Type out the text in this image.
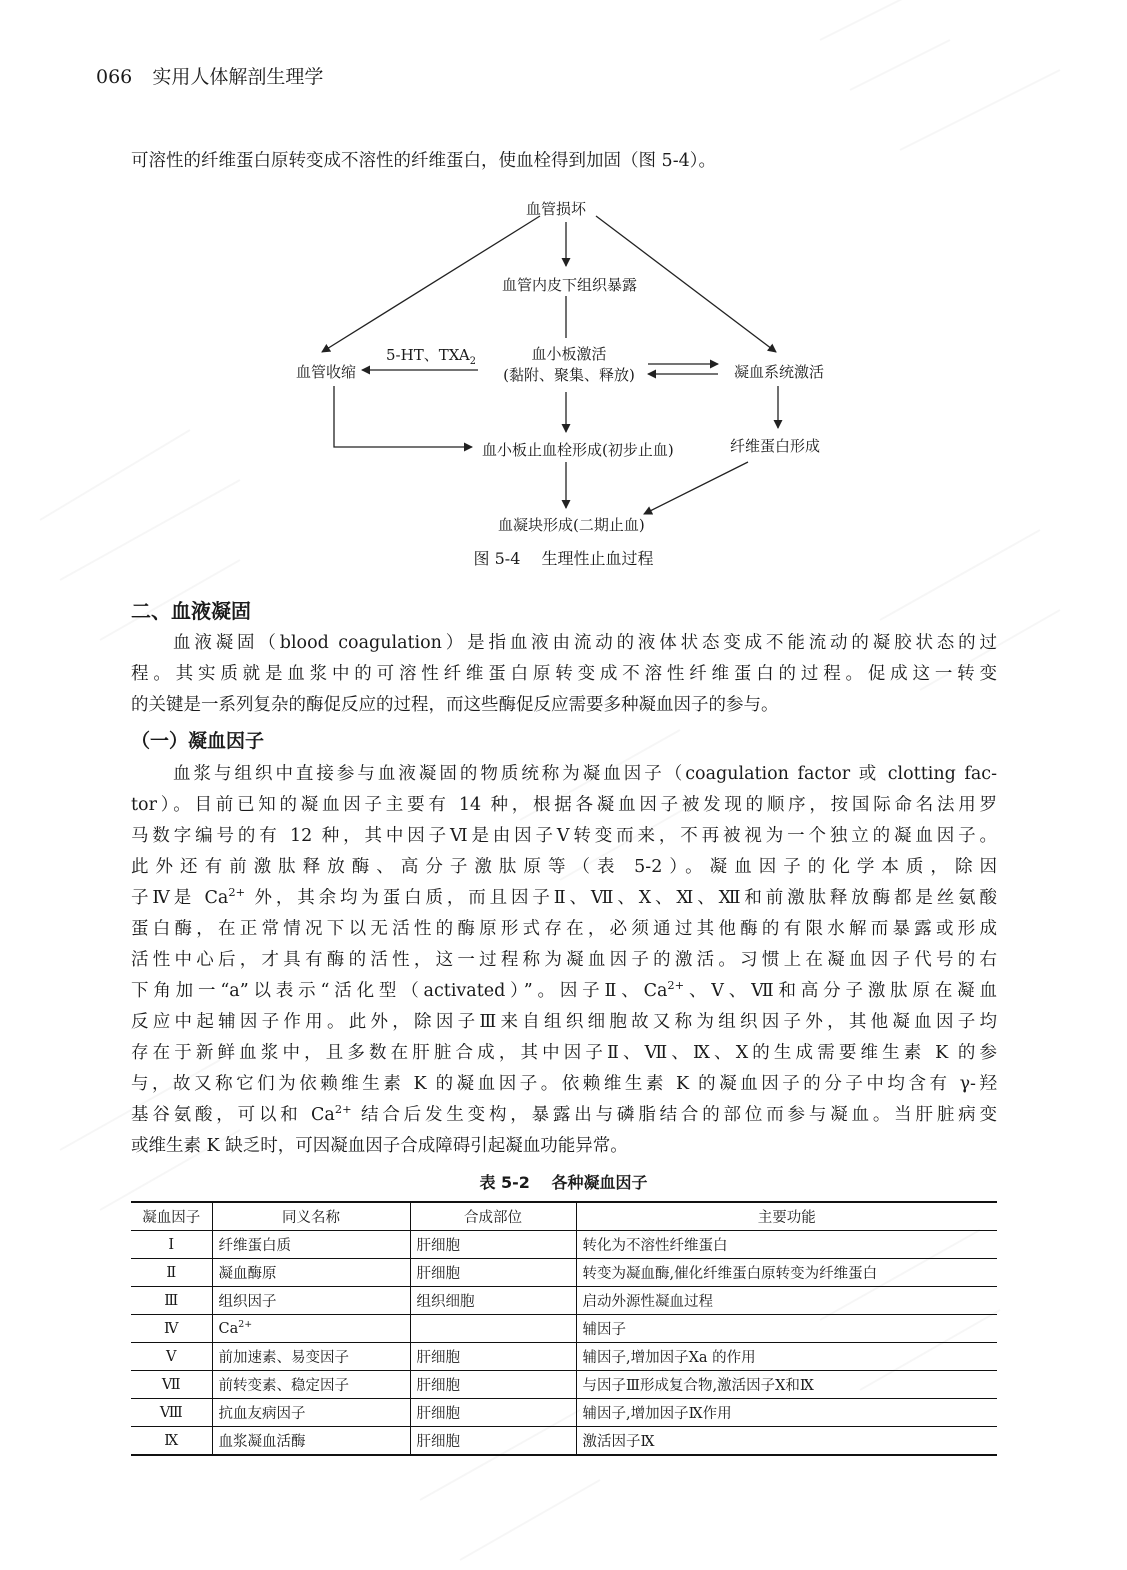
066 实用人体解剖生理学
可溶性的纤维蛋白原转变成不溶性的纤维蛋白，使血栓得到加固（图 5-4）。
血管损坏
血管内皮下组织暴露
血管收缩
5-HT、$TXA_2$	血小板激活
(黏附、聚集、释放)	凝血系统激活
纤维蛋白形成
血小板止血栓形成(初步止血)
血凝块形成(二期止血)
图 5-4 生理性止血过程
二、血液凝固
血液凝固（blood coagulation）是指血液由流动的液体状态变成不能流动的凝胶状态的过
程。其实质就是血浆中的可溶性纤维蛋白原转变成不溶性纤维蛋白的过程。促成这一转变
的关键是一系列复杂的酶促反应的过程，而这些酶促反应需要多种凝血因子的参与。
（一）凝血因子
血浆与组织中直接参与血液凝固的物质统称为凝血因子（coagulation factor 或 clotting fac-
tor）。目前已知的凝血因子主要有 14 种，根据各凝血因子被发现的顺序，按国际命名法用罗
马数字编号的有 12 种，其中因子Ⅵ是由因子Ⅴ转变而来，不再被视为一个独立的凝血因子。
此外还有前激肽释放酶、高分子激肽原等（表 5-2）。凝血因子的化学本质，除因
子Ⅳ是 $Ca^{2+}$ 外，其余均为蛋白质，而且因子Ⅱ、Ⅶ、Ⅹ、Ⅺ、Ⅻ和前激肽释放酶都是丝氨酸
蛋白酶，在正常情况下以无活性的酶原形式存在，必须通过其他酶的有限水解而暴露或形成
活性中心后，才具有酶的活性，这一过程称为凝血因子的激活。习惯上在凝血因子代号的右
下角加一“a”以表示“活化型（activated）”。因子Ⅱ、$Ca^{2+}$、Ⅴ、Ⅶ和高分子激肽原在凝血
反应中起辅因子作用。此外，除因子Ⅲ来自组织细胞故又称为组织因子外，其他凝血因子均
存在于新鲜血浆中，且多数在肝脏合成，其中因子Ⅱ、Ⅶ、Ⅸ、Ⅹ的生成需要维生素 K 的参
与，故又称它们为依赖维生素 K 的凝血因子。依赖维生素 K 的凝血因子的分子中均含有 γ-羟
基谷氨酸，可以和 $Ca^{2+}$ 结合后发生变构，暴露出与磷脂结合的部位而参与凝血。当肝脏病变
或维生素 K 缺乏时，可因凝血因子合成障碍引起凝血功能异常。
表 5-2 各种凝血因子
凝血因子	同义名称	合成部位	主要功能
Ⅰ	纤维蛋白质	肝细胞	转化为不溶性纤维蛋白
Ⅱ	凝血酶原	肝细胞	转变为凝血酶,催化纤维蛋白原转变为纤维蛋白
Ⅲ	组织因子	组织细胞	启动外源性凝血过程
Ⅳ	$Ca^{2+}$		辅因子
Ⅴ	前加速素、易变因子	肝细胞	辅因子,增加因子Ⅹa 的作用
Ⅶ	前转变素、稳定因子	肝细胞	与因子Ⅲ形成复合物,激活因子Ⅹ和Ⅸ
Ⅷ	抗血友病因子	肝细胞	辅因子,增加因子Ⅸ作用
Ⅸ	血浆凝血活酶	肝细胞	激活因子Ⅸ
